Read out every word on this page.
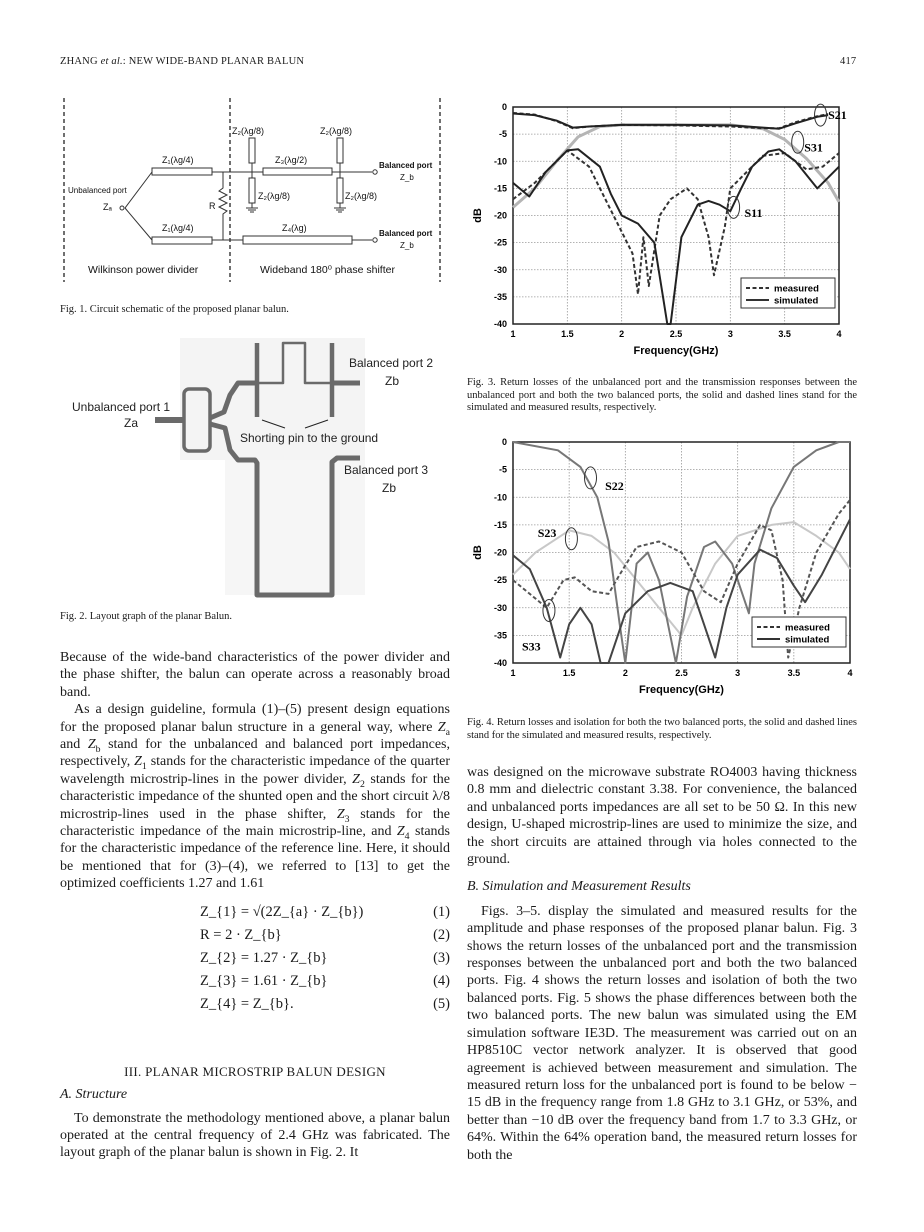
ZHANG et al.: NEW WIDE-BAND PLANAR BALUN	417
Z₁(λg/4)
Z₁(λg/4)
Z₂(λg/8)	Z₂(λg/8)
Z₂(λg/8)	Z₂(λg/8)
Z₃(λg/2)
Z₄(λg)
Unbalanced port
Zₐ	R
Balanced port
Z_b
Balanced port
Z_b
Wilkinson power divider	Wideband 180⁰ phase shifter
Fig. 1. Circuit schematic of the proposed planar balun.
Unbalanced port 1
Za
Balanced port 2
Zb
Shorting pin to the ground
Balanced port 3
Zb
Fig. 2. Layout graph of the planar Balun.
1	1.5	2	2.5	3	3.5	4
0
-5
-10
-15
-20
-25
-30
-35
-40
Frequency(GHz)
dB
S21
S31
S11
measured
simulated
Fig. 3. Return losses of the unbalanced port and the transmission responses between the unbalanced port and both the two balanced ports, the solid and dashed lines stand for the simulated and measured results, respectively.
1	1.5	2	2.5	3	3.5	4
0
-5
-10
-15
-20
-25
-30
-35
-40
Frequency(GHz)
dB
S22
S23
S33
measured
simulated
Fig. 4. Return losses and isolation for both the two balanced ports, the solid and dashed lines stand for the simulated and measured results, respectively.

Because of the wide-band characteristics of the power divider and the phase shifter, the balun can operate across a reasonably broad band.

As a design guideline, formula (1)–(5) present design equations for the proposed planar balun structure in a general way, where $Z_a$ and $Z_b$ stand for the unbalanced and balanced port impedances, respectively, $Z_1$ stands for the characteristic impedance of the quarter wavelength microstrip-lines in the power divider, $Z_2$ stands for the characteristic impedance of the shunted open and the short circuit λ/8 microstrip-lines used in the phase shifter, $Z_3$ stands for the characteristic impedance of the main microstrip-line, and $Z_4$ stands for the characteristic impedance of the reference line. Here, it should be mentioned that for (3)–(4), we referred to [13] to get the optimized coefficients 1.27 and 1.61

Z_{1} = √(2Z_{a} · Z_{b})	(1)
R = 2 · Z_{b}	(2)
Z_{2} = 1.27 · Z_{b}	(3)
Z_{3} = 1.61 · Z_{b}	(4)
Z_{4} = Z_{b}.	(5)
III. PLANAR MICROSTRIP BALUN DESIGN
A. Structure

To demonstrate the methodology mentioned above, a planar balun operated at the central frequency of 2.4 GHz was fabricated. The layout graph of the planar balun is shown in Fig. 2. It

was designed on the microwave substrate RO4003 having thickness 0.8 mm and dielectric constant 3.38. For convenience, the balanced and unbalanced ports impedances are all set to be 50 Ω. In this new design, U-shaped microstrip-lines are used to minimize the size, and the short circuits are attained through via holes connected to the ground.

B. Simulation and Measurement Results

Figs. 3–5. display the simulated and measured results for the amplitude and phase responses of the proposed planar balun. Fig. 3 shows the return losses of the unbalanced port and the transmission responses between the unbalanced port and both the two balanced ports. Fig. 4 shows the return losses and isolation of both the two balanced ports. Fig. 5 shows the phase differences between both the two balanced ports. The new balun was simulated using the EM simulation software IE3D. The measurement was carried out on an HP8510C vector network analyzer. It is observed that good agreement is achieved between measurement and simulation. The measured return loss for the unbalanced port is found to be below − 15 dB in the frequency range from 1.8 GHz to 3.1 GHz, or 53%, and better than −10 dB over the frequency band from 1.7 to 3.3 GHz, or 64%. Within the 64% operation band, the measured return losses for both the
